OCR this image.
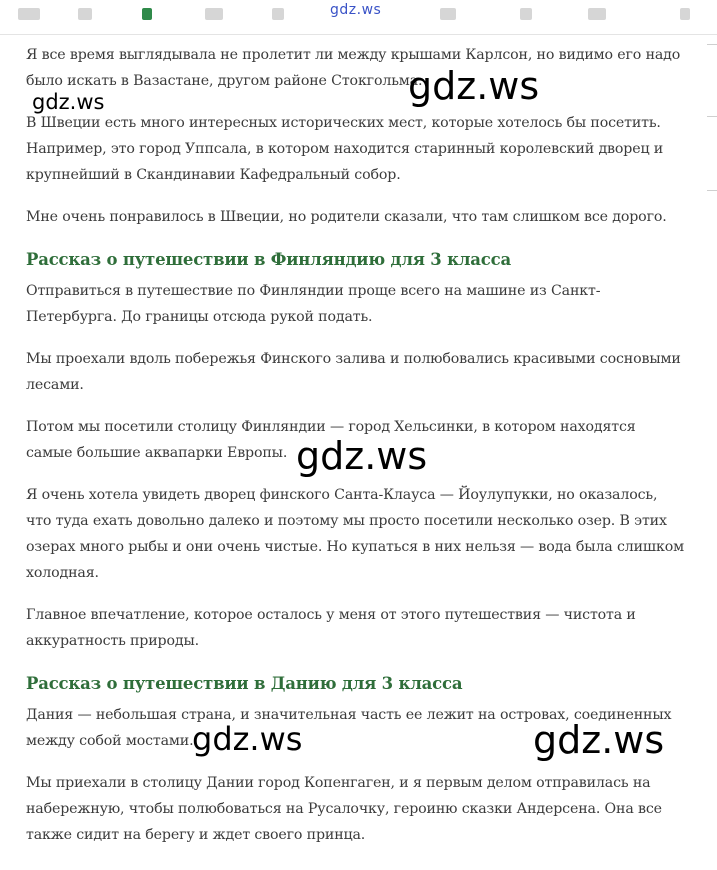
gdz.ws

Я все время выглядывала не пролетит ли между крышами Карлсон, но видимо его надо было искать в Вазастане, другом районе Стокгольма.

В Швеции есть много интересных исторических мест, которые хотелось бы посетить. Например, это город Уппсала, в котором находится старинный королевский дворец и крупнейший в Скандинавии Кафедральный собор.

Мне очень понравилось в Швеции, но родители сказали, что там слишком все дорого.

Рассказ о путешествии в Финляндию для 3 класса

Отправиться в путешествие по Финляндии проще всего на машине из Санкт-Петербурга. До границы отсюда рукой подать.

Мы проехали вдоль побережья Финского залива и полюбовались красивыми сосновыми лесами.

Потом мы посетили столицу Финляндии — город Хельсинки, в котором находятся самые большие аквапарки Европы.

Я очень хотела увидеть дворец финского Санта-Клауса — Йоулупукки, но оказалось, что туда ехать довольно далеко и поэтому мы просто посетили несколько озер. В этих озерах много рыбы и они очень чистые. Но купаться в них нельзя — вода была слишком холодная.

Главное впечатление, которое осталось у меня от этого путешествия — чистота и аккуратность природы.

Рассказ о путешествии в Данию для 3 класса

Дания — небольшая страна, и значительная часть ее лежит на островах, соединенных между собой мостами.

Мы приехали в столицу Дании город Копенгаген, и я первым делом отправилась на набережную, чтобы полюбоваться на Русалочку, героиню сказки Андерсена. Она все также сидит на берегу и ждет своего принца.

gdz.ws	gdz.ws
gdz.ws
gdz.ws	gdz.ws
